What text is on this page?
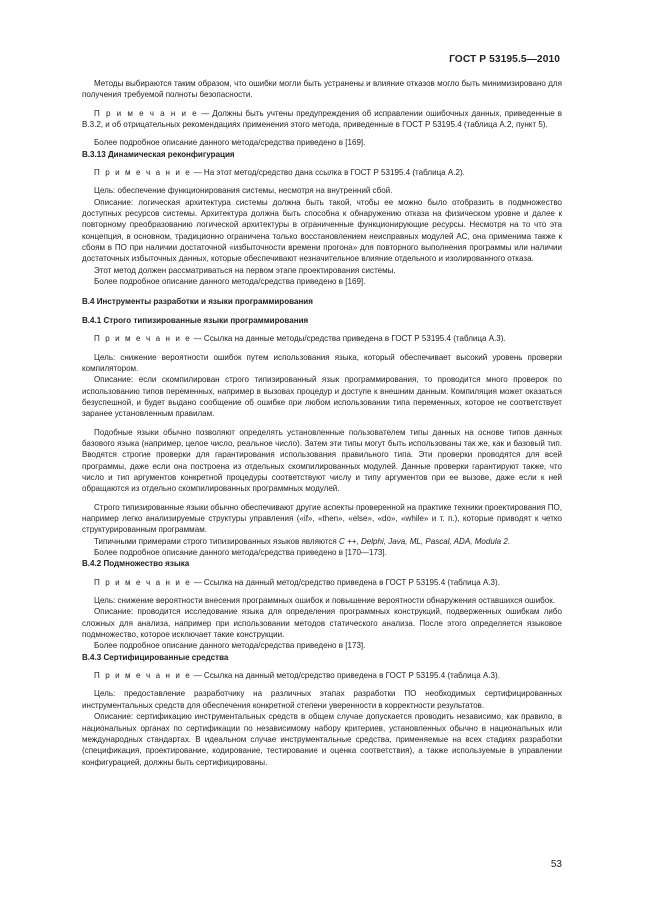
ГОСТ Р 53195.5—2010

Методы выбираются таким образом, что ошибки могли быть устранены и влияние отказов могло быть минимизировано для получения требуемой полноты безопасности.

П р и м е ч а н и е — Должны быть учтены предупреждения об исправлении ошибочных данных, приведенные в В.3.2, и об отрицательных рекомендациях применения этого метода, приведенные в ГОСТ Р 53195.4 (таблица А.2, пункт 5).

Более подробное описание данного метода/средства приведено в [169].

В.3.13 Динамическая реконфигурация

П р и м е ч а н и е — На этот метод/средство дана ссылка в ГОСТ Р 53195.4 (таблица А.2).

Цель: обеспечение функционирования системы, несмотря на внутренний сбой.

Описание: логическая архитектура системы должна быть такой, чтобы ее можно было отобразить в подмножество доступных ресурсов системы. Архитектура должна быть способна к обнаружению отказа на физическом уровне и далее к повторному преобразованию логической архитектуры в ограниченные функционирующие ресурсы. Несмотря на то что эта концепция, в основном, традиционно ограничена только восстановлением неисправных модулей АС, она применима также к сбоям в ПО при наличии достаточной «избыточности времени прогона» для повторного выполнения программы или наличии достаточных избыточных данных, которые обеспечивают незначительное влияние отдельного и изолированного отказа.

Этот метод должен рассматриваться на первом этапе проектирования системы.

Более подробное описание данного метода/средства приведено в [169].

В.4 Инструменты разработки и языки программирования
В.4.1 Строго типизированные языки программирования

П р и м е ч а н и е — Ссылка на данные методы/средства приведена в ГОСТ Р 53195.4 (таблица А.3).

Цель: снижение вероятности ошибок путем использования языка, который обеспечивает высокий уровень проверки компилятором.

Описание: если скомпилирован строго типизированный язык программирования, то проводится много проверок по использованию типов переменных, например в вызовах процедур и доступе к внешним данным. Компиляция может оказаться безуспешной, и будет выдано сообщение об ошибке при любом использовании типа переменных, которое не соответствует заранее установленным правилам.

Подобные языки обычно позволяют определять установленные пользователем типы данных на основе типов данных базового языка (например, целое число, реальное число). Затем эти типы могут быть использованы так же, как и базовый тип. Вводятся строгие проверки для гарантирования использования правильного типа. Эти проверки проводятся для всей программы, даже если она построена из отдельных скомпилированных модулей. Данные проверки гарантируют также, что число и тип аргументов конкретной процедуры соответствуют числу и типу аргументов при ее вызове, даже если к ней обращаются из отдельно скомпилированных программных модулей.

Строго типизированные языки обычно обеспечивают другие аспекты проверенной на практике техники проектирования ПО, например легко анализируемые структуры управления («if», «then», «else», «do», «while» и т. п.), которые приводят к четко структурированным программам.

Типичными примерами строго типизированных языков являются C ++, Delphi, Java, ML, Pascal, ADA, Modula 2.

Более подробное описание данного метода/средства приведено в [170—173].

В.4.2 Подмножество языка

П р и м е ч а н и е — Ссылка на данный метод/средство приведена в ГОСТ Р 53195.4 (таблица А.3).

Цель: снижение вероятности внесения программных ошибок и повышение вероятности обнаружения оставшихся ошибок.

Описание: проводится исследование языка для определения программных конструкций, подверженных ошибкам либо сложных для анализа, например при использовании методов статического анализа. После этого определяется языковое подмножество, которое исключает такие конструкции.

Более подробное описание данного метода/средства приведено в [173].

В.4.3 Сертифицированные средства

П р и м е ч а н и е — Ссылка на данный метод/средство приведена в ГОСТ Р 53195.4 (таблица А.3).

Цель: предоставление разработчику на различных этапах разработки ПО необходимых сертифицированных инструментальных средств для обеспечения конкретной степени уверенности в корректности результатов.

Описание: сертификацию инструментальных средств в общем случае допускается проводить независимо, как правило, в национальных органах по сертификации по независимому набору критериев, установленных обычно в национальных или международных стандартах. В идеальном случае инструментальные средства, применяемые на всех стадиях разработки (спецификация, проектирование, кодирование, тестирование и оценка соответствия), а также используемые в управлении конфигурацией, должны быть сертифицированы.

53
